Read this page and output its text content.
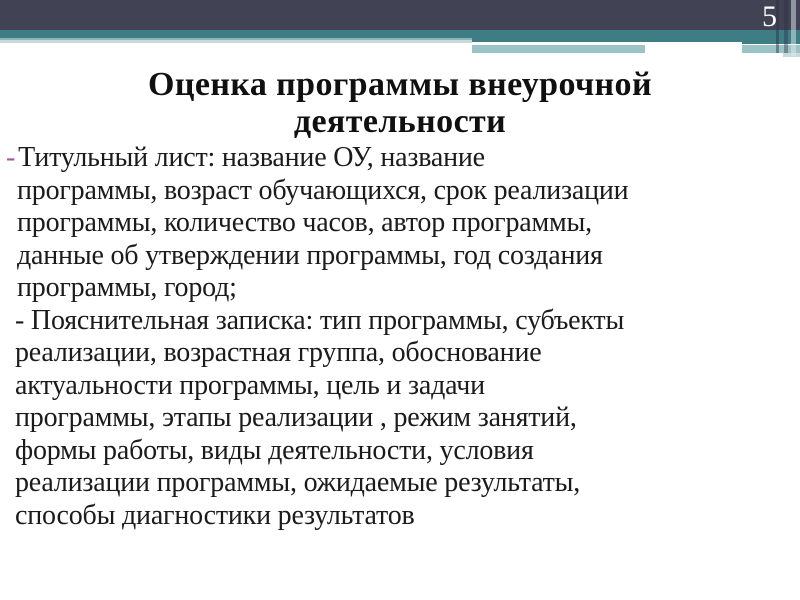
5
Оценка программы внеурочной
деятельности
- Титульный лист: название ОУ, название
программы, возраст обучающихся, срок реализации
программы, количество часов, автор программы,
данные об утверждении программы, год создания
программы, город;
- Пояснительная записка: тип программы, субъекты
реализации, возрастная группа, обоснование
актуальности программы, цель и задачи
программы, этапы реализации , режим занятий,
формы работы, виды деятельности, условия
реализации программы, ожидаемые результаты,
способы диагностики результатов
